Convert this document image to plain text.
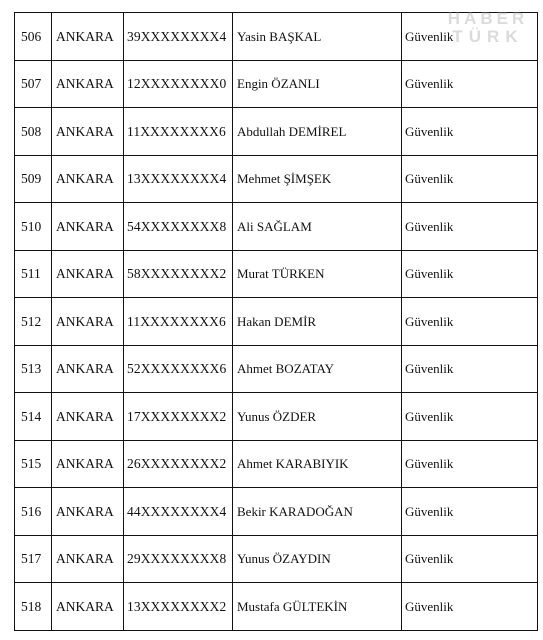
506	ANKARA	39XXXXXXXX4	Yasin BAŞKAL	Güvenlik
507	ANKARA	12XXXXXXXX0	Engin ÖZANLI	Güvenlik
508	ANKARA	11XXXXXXXX6	Abdullah DEMİREL	Güvenlik
509	ANKARA	13XXXXXXXX4	Mehmet ŞİMŞEK	Güvenlik
510	ANKARA	54XXXXXXXX8	Ali SAĞLAM	Güvenlik
511	ANKARA	58XXXXXXXX2	Murat TÜRKEN	Güvenlik
512	ANKARA	11XXXXXXXX6	Hakan DEMİR	Güvenlik
513	ANKARA	52XXXXXXXX6	Ahmet BOZATAY	Güvenlik
514	ANKARA	17XXXXXXXX2	Yunus ÖZDER	Güvenlik
515	ANKARA	26XXXXXXXX2	Ahmet KARABIYIK	Güvenlik
516	ANKARA	44XXXXXXXX4	Bekir KARADOĞAN	Güvenlik
517	ANKARA	29XXXXXXXX8	Yunus ÖZAYDIN	Güvenlik
518	ANKARA	13XXXXXXXX2	Mustafa GÜLTEKİN	Güvenlik
HABER
TÜRK
